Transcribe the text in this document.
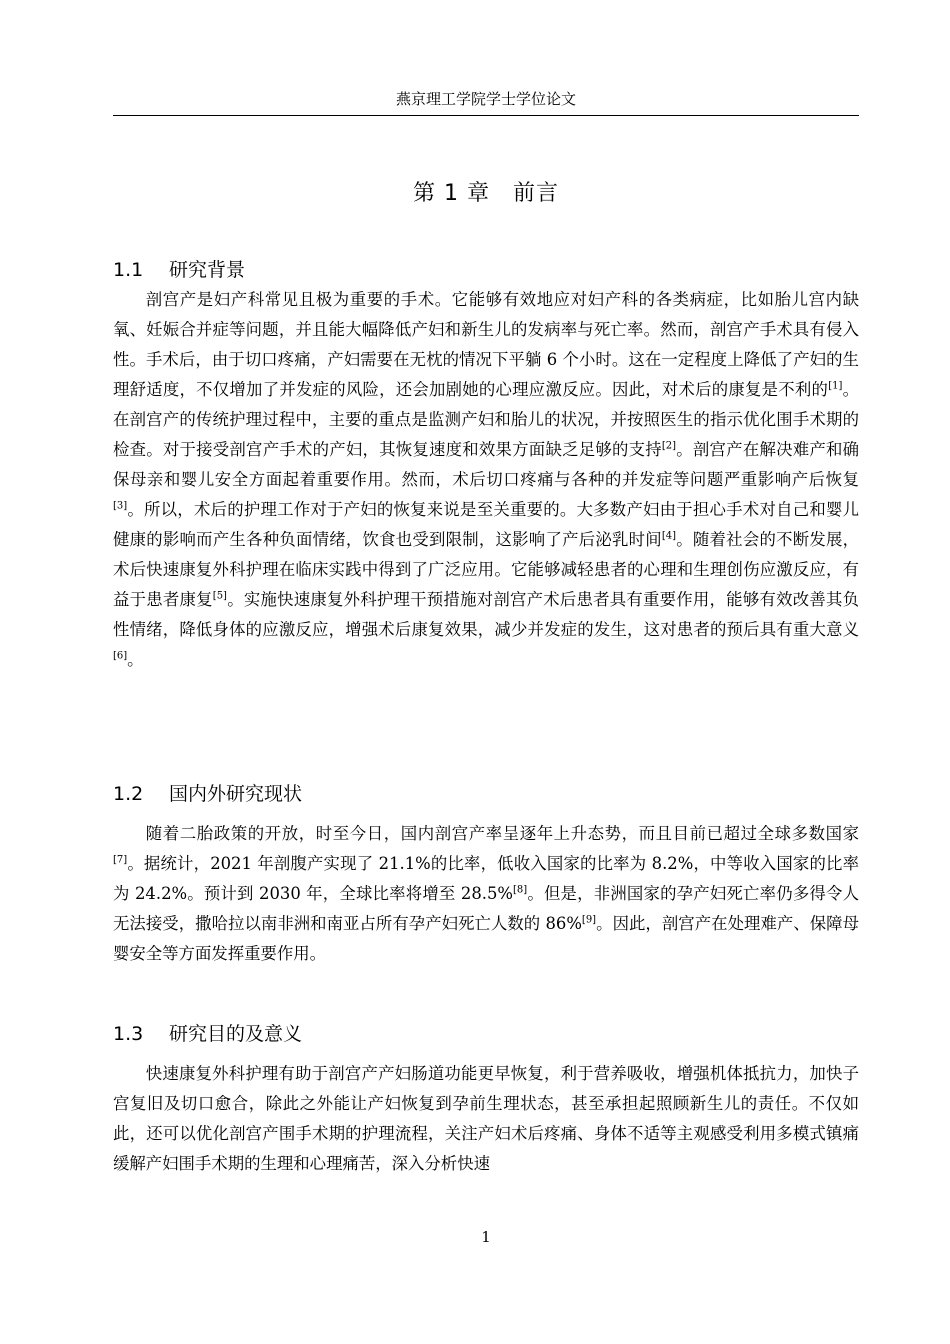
燕京理工学院学士学位论文
第 1 章　前言
1.1 研究背景

剖宫产是妇产科常见且极为重要的手术。它能够有效地应对妇产科的各类病症，比如胎儿宫内缺氧、妊娠合并症等问题，并且能大幅降低产妇和新生儿的发病率与死亡率。然而，剖宫产手术具有侵入性。手术后，由于切口疼痛，产妇需要在无枕的情况下平躺 6 个小时。这在一定程度上降低了产妇的生理舒适度，不仅增加了并发症的风险，还会加剧她的心理应激反应。因此，对术后的康复是不利的[1]。在剖宫产的传统护理过程中，主要的重点是监测产妇和胎儿的状况，并按照医生的指示优化围手术期的检查。对于接受剖宫产手术的产妇，其恢复速度和效果方面缺乏足够的支持[2]。剖宫产在解决难产和确保母亲和婴儿安全方面起着重要作用。然而，术后切口疼痛与各种的并发症等问题严重影响产后恢复[3]。所以，术后的护理工作对于产妇的恢复来说是至关重要的。大多数产妇由于担心手术对自己和婴儿健康的影响而产生各种负面情绪，饮食也受到限制，这影响了产后泌乳时间[4]。随着社会的不断发展，术后快速康复外科护理在临床实践中得到了广泛应用。它能够减轻患者的心理和生理创伤应激反应，有益于患者康复[5]。实施快速康复外科护理干预措施对剖宫产术后患者具有重要作用，能够有效改善其负性情绪，降低身体的应激反应，增强术后康复效果，减少并发症的发生，这对患者的预后具有重大意义[6]。

1.2 国内外研究现状

随着二胎政策的开放，时至今日，国内剖宫产率呈逐年上升态势，而且目前已超过全球多数国家[7]。据统计，2021 年剖腹产实现了 21.1%的比率，低收入国家的比率为 8.2%，中等收入国家的比率为 24.2%。预计到 2030 年，全球比率将增至 28.5%[8]。但是，非洲国家的孕产妇死亡率仍多得令人无法接受，撒哈拉以南非洲和南亚占所有孕产妇死亡人数的 86%[9]。因此，剖宫产在处理难产、保障母婴安全等方面发挥重要作用。

1.3 研究目的及意义

快速康复外科护理有助于剖宫产产妇肠道功能更早恢复，利于营养吸收，增强机体抵抗力，加快子宫复旧及切口愈合，除此之外能让产妇恢复到孕前生理状态，甚至承担起照顾新生儿的责任。不仅如此，还可以优化剖宫产围手术期的护理流程，关注产妇术后疼痛、身体不适等主观感受利用多模式镇痛缓解产妇围手术期的生理和心理痛苦，深入分析快速

1
